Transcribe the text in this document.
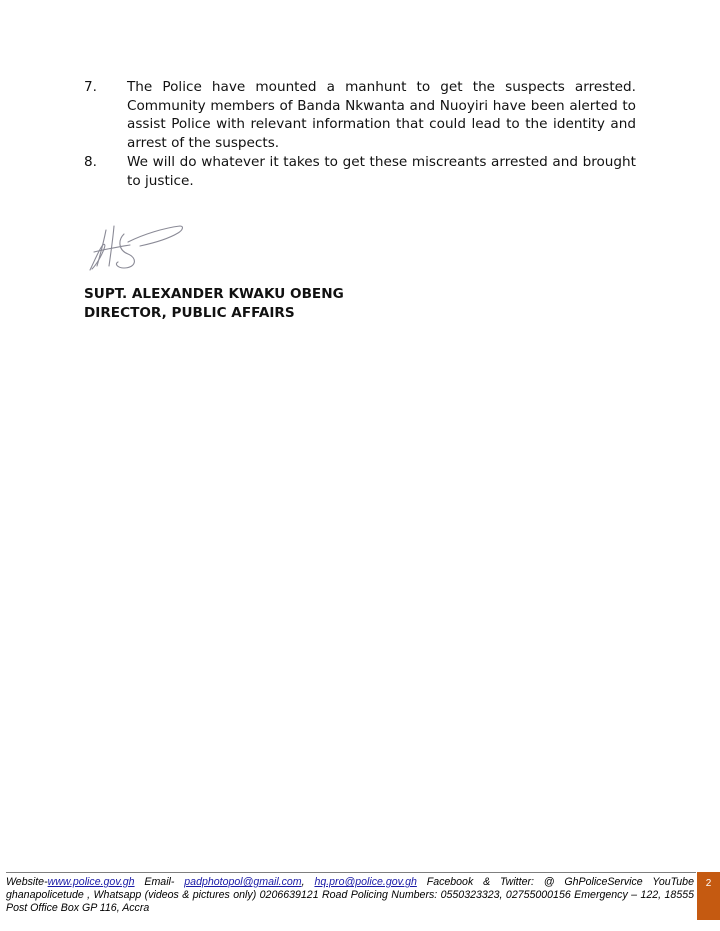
7. The Police have mounted a manhunt to get the suspects arrested. Community members of Banda Nkwanta and Nuoyiri have been alerted to assist Police with relevant information that could lead to the identity and arrest of the suspects.
8. We will do whatever it takes to get these miscreants arrested and brought to justice.
SUPT. ALEXANDER KWAKU OBENG
DIRECTOR, PUBLIC AFFAIRS
Website-www.police.gov.gh Email- padphotopol@gmail.com, hq.pro@police.gov.gh Facebook & Twitter: @ GhPoliceService YouTube ghanapolicetude , Whatsapp (videos & pictures only) 0206639121 Road Policing Numbers: 0550323323, 02755000156 Emergency – 122, 18555 Post Office Box GP 116, Accra
2
